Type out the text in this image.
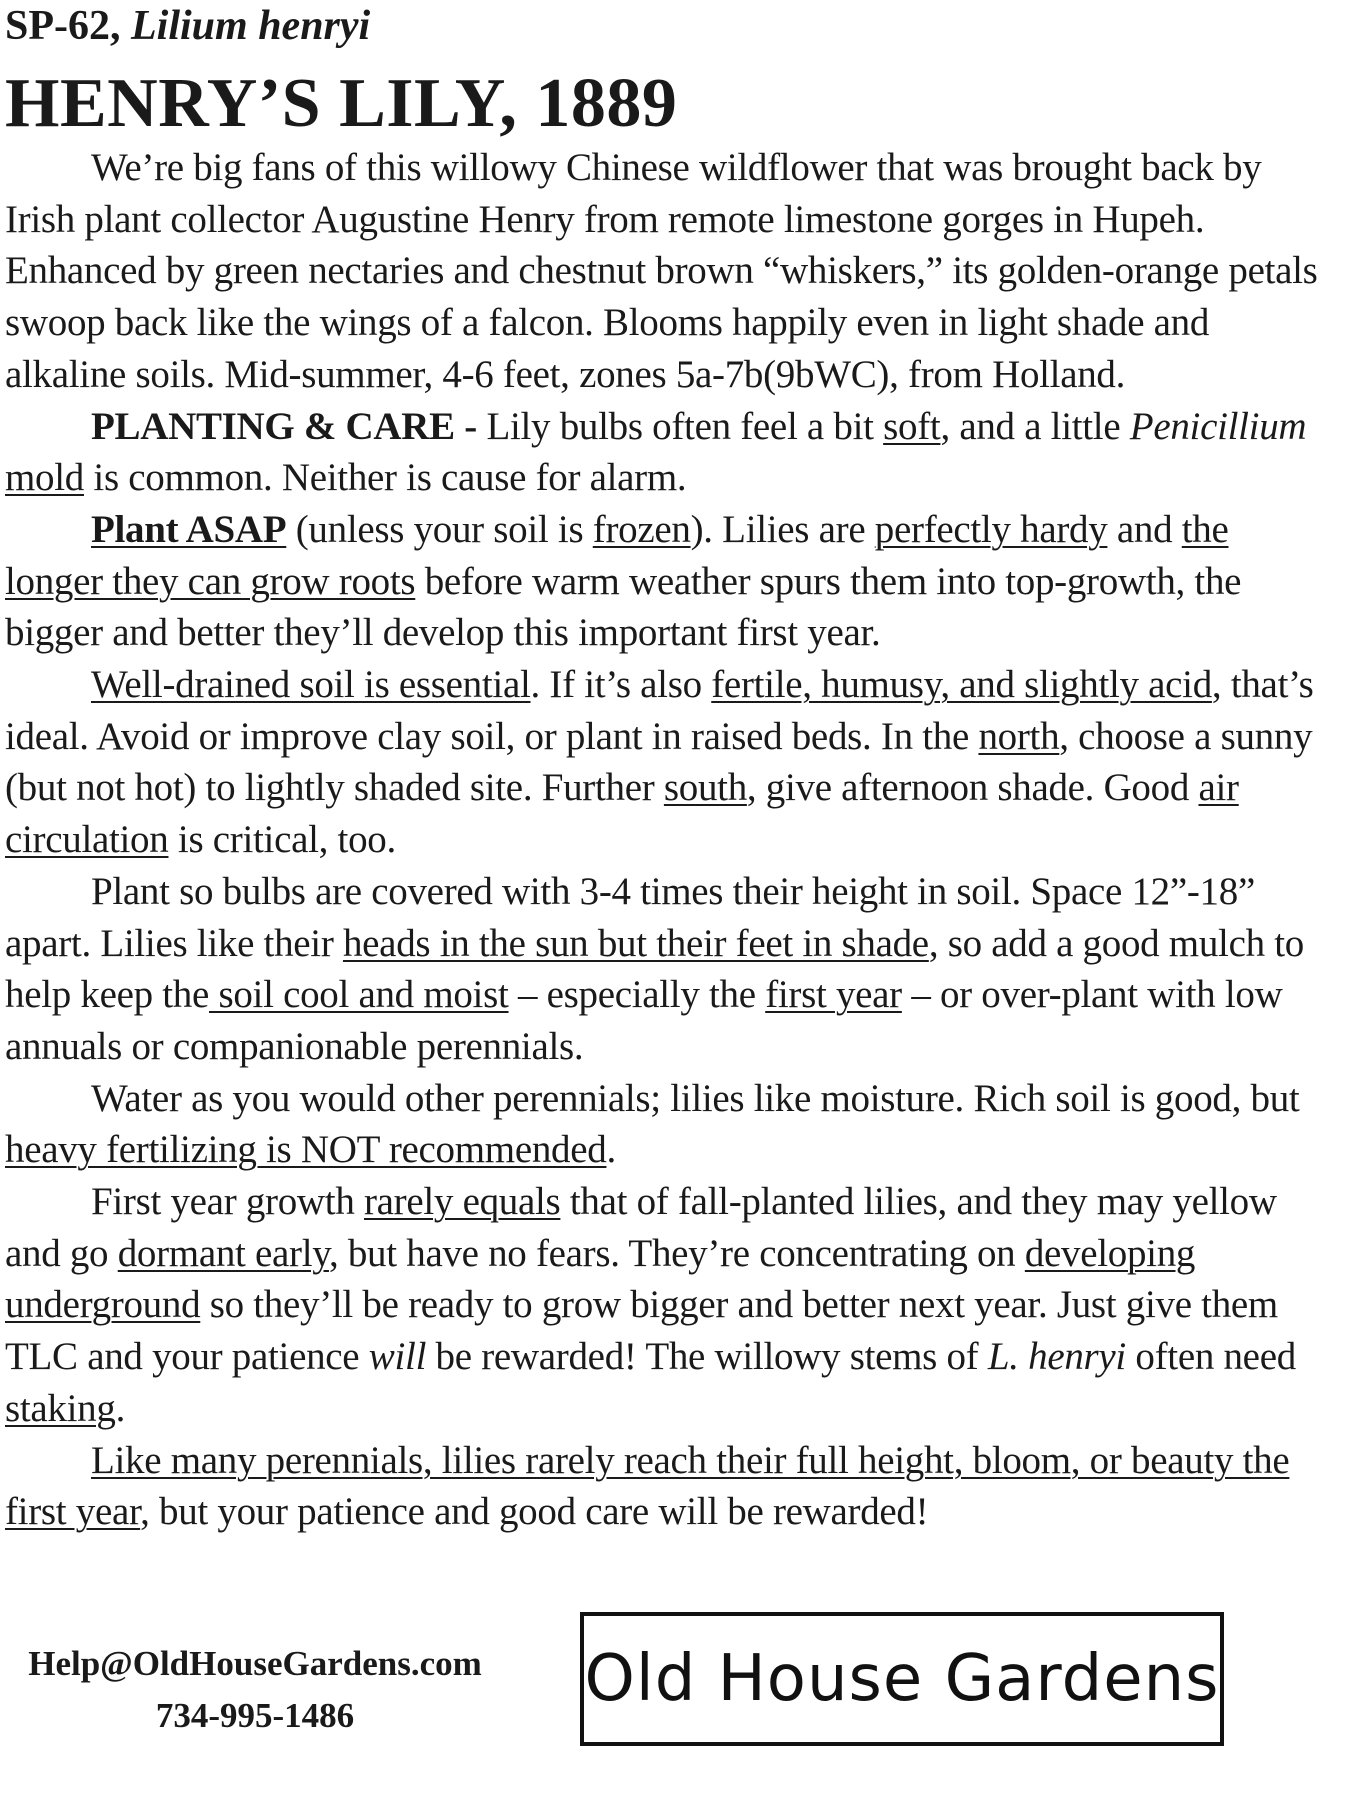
SP-62, Lilium henryi
HENRY’S LILY, 1889

We’re big fans of this willowy Chinese wildflower that was brought back by Irish plant collector Augustine Henry from remote limestone gorges in Hupeh. Enhanced by green nectaries and chestnut brown “whiskers,” its golden-orange petals swoop back like the wings of a falcon. Blooms happily even in light shade and alkaline soils. Mid-summer, 4-6 feet, zones 5a-7b(9bWC), from Holland.

PLANTING & CARE - Lily bulbs often feel a bit soft, and a little Penicillium mold is common. Neither is cause for alarm.

Plant ASAP (unless your soil is frozen). Lilies are perfectly hardy and the longer they can grow roots before warm weather spurs them into top-growth, the bigger and better they’ll develop this important first year.

Well-drained soil is essential. If it’s also fertile, humusy, and slightly acid, that’s ideal. Avoid or improve clay soil, or plant in raised beds. In the north, choose a sunny (but not hot) to lightly shaded site. Further south, give afternoon shade. Good air circulation is critical, too.

Plant so bulbs are covered with 3-4 times their height in soil. Space 12”-18” apart. Lilies like their heads in the sun but their feet in shade, so add a good mulch to help keep the soil cool and moist – especially the first year – or over-plant with low annuals or companionable perennials.

Water as you would other perennials; lilies like moisture. Rich soil is good, but heavy fertilizing is NOT recommended.

First year growth rarely equals that of fall-planted lilies, and they may yellow and go dormant early, but have no fears. They’re concentrating on developing underground so they’ll be ready to grow bigger and better next year. Just give them TLC and your patience will be rewarded! The willowy stems of L. henryi often need staking.

Like many perennials, lilies rarely reach their full height, bloom, or beauty the first year, but your patience and good care will be rewarded!

Help@OldHouseGardens.com
734-995-1486	Old House Gardens
